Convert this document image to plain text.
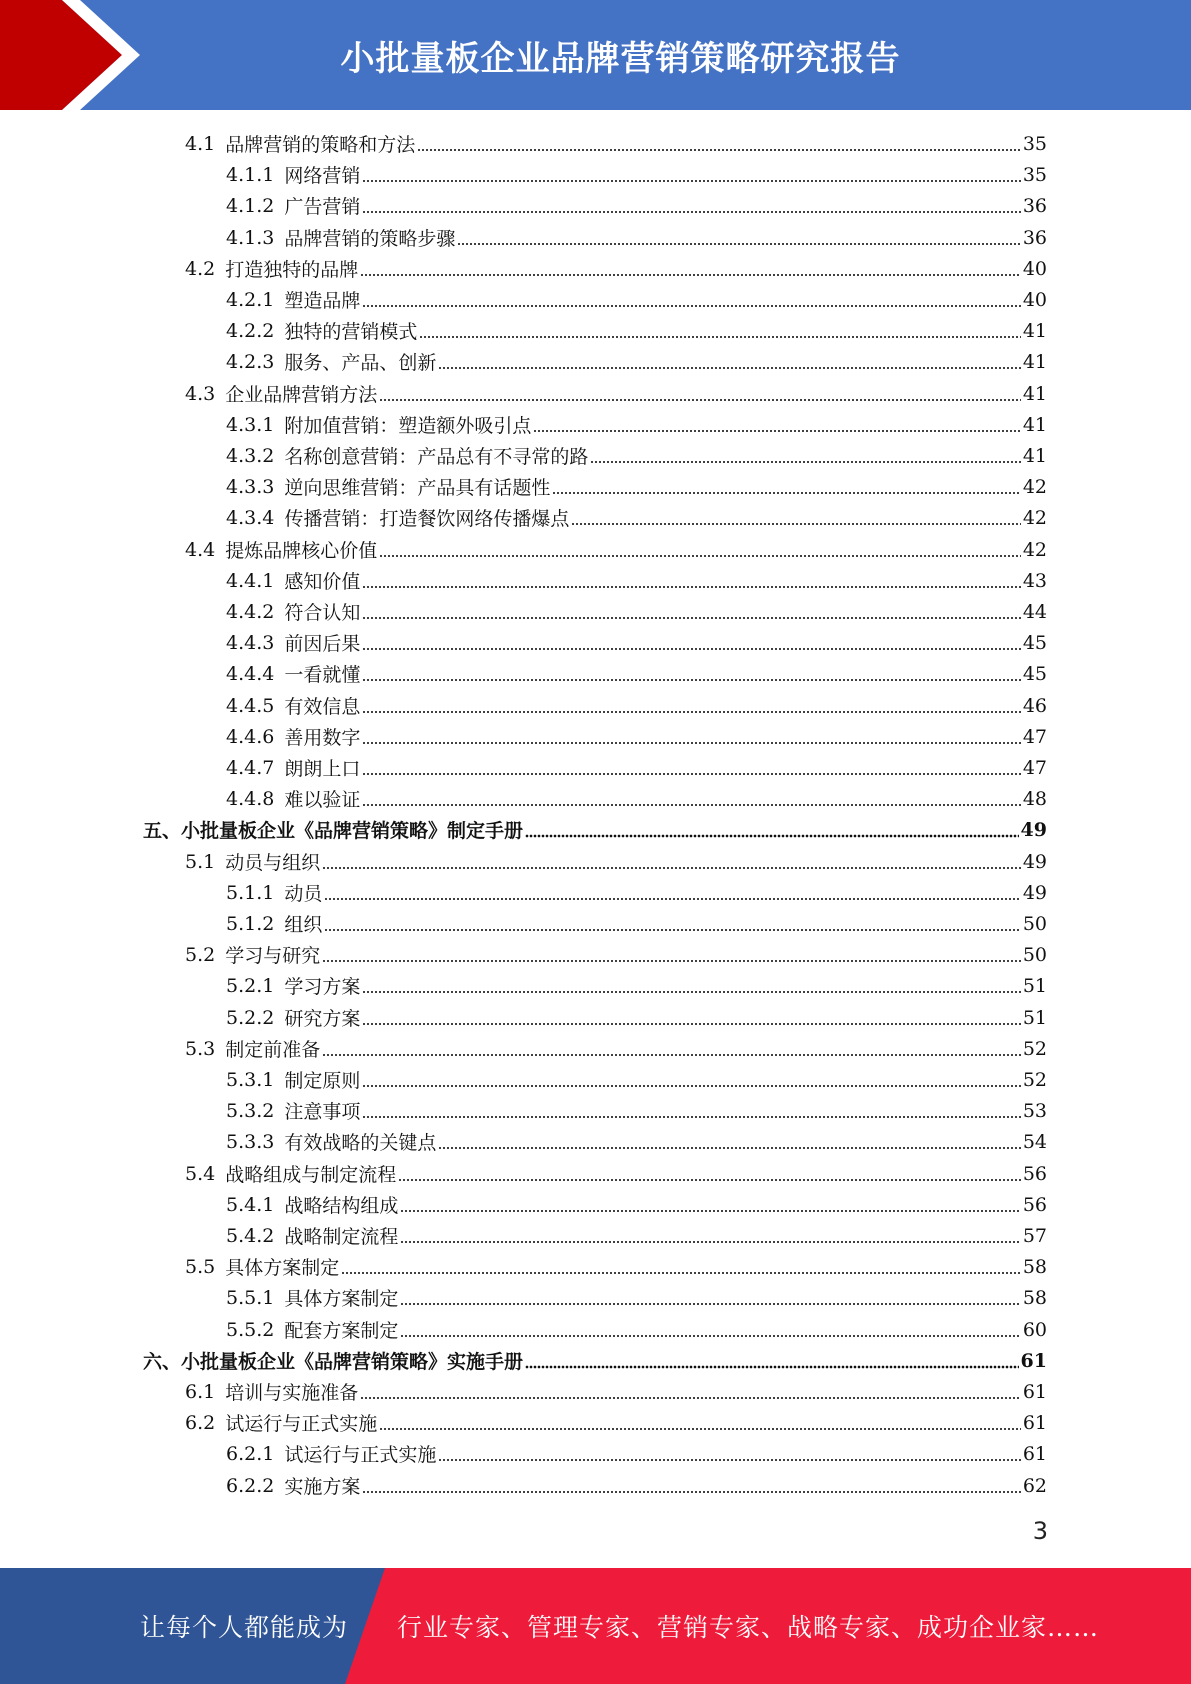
小批量板企业品牌营销策略研究报告
4.1 品牌营销的策略和方法	35
4.1.1 网络营销	35
4.1.2 广告营销	36
4.1.3 品牌营销的策略步骤	36
4.2 打造独特的品牌	40
4.2.1 塑造品牌	40
4.2.2 独特的营销模式	41
4.2.3 服务、产品、创新	41
4.3 企业品牌营销方法	41
4.3.1 附加值营销：塑造额外吸引点	41
4.3.2 名称创意营销：产品总有不寻常的路	41
4.3.3 逆向思维营销：产品具有话题性	42
4.3.4 传播营销：打造餐饮网络传播爆点	42
4.4 提炼品牌核心价值	42
4.4.1 感知价值	43
4.4.2 符合认知	44
4.4.3 前因后果	45
4.4.4 一看就懂	45
4.4.5 有效信息	46
4.4.6 善用数字	47
4.4.7 朗朗上口	47
4.4.8 难以验证	48
五、小批量板企业《品牌营销策略》制定手册	49
5.1 动员与组织	49
5.1.1 动员	49
5.1.2 组织	50
5.2 学习与研究	50
5.2.1 学习方案	51
5.2.2 研究方案	51
5.3 制定前准备	52
5.3.1 制定原则	52
5.3.2 注意事项	53
5.3.3 有效战略的关键点	54
5.4 战略组成与制定流程	56
5.4.1 战略结构组成	56
5.4.2 战略制定流程	57
5.5 具体方案制定	58
5.5.1 具体方案制定	58
5.5.2 配套方案制定	60
六、小批量板企业《品牌营销策略》实施手册	61
6.1 培训与实施准备	61
6.2 试运行与正式实施	61
6.2.1 试运行与正式实施	61
6.2.2 实施方案	62
3
让每个人都能成为 行业专家、管理专家、营销专家、战略专家、成功企业家……
